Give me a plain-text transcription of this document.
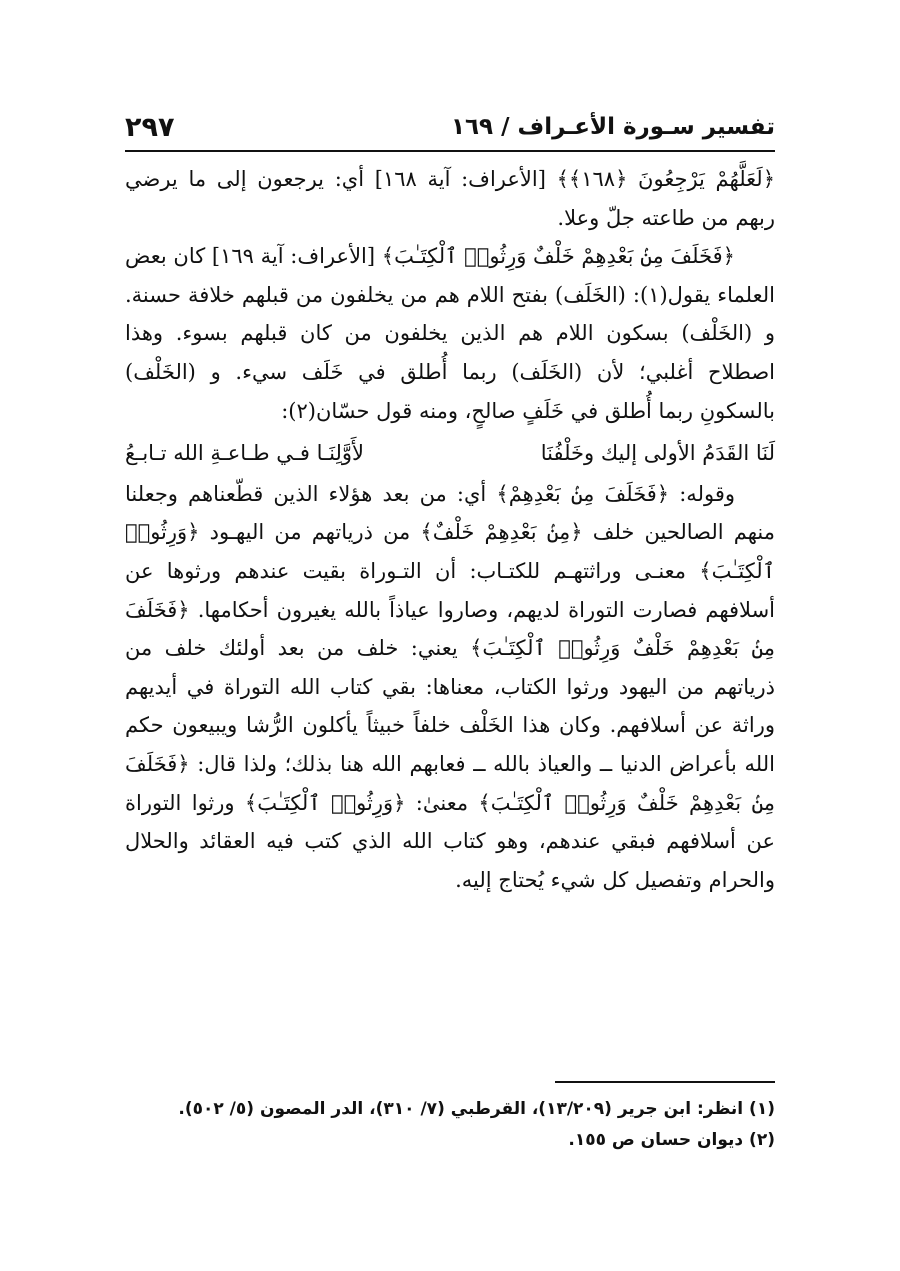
تفسير سـورة الأعـراف / ١٦٩
٢٩٧

﴿لَعَلَّهُمْ يَرْجِعُونَ ﴿١٦٨﴾﴾ [الأعراف: آية ١٦٨] أي: يرجعون إلى ما يرضي ربهم من طاعته جلّ وعلا.

﴿فَخَلَفَ مِنۢ بَعْدِهِمْ خَلْفٌ وَرِثُوا۟ ٱلْكِتَـٰبَ﴾ [الأعراف: آية ١٦٩] كان بعض العلماء يقول(١): (الخَلَف) بفتح اللام هم من يخلفون من قبلهم خلافة حسنة. و (الخَلْف) بسكون اللام هم الذين يخلفون من كان قبلهم بسوء. وهذا اصطلاح أغلبي؛ لأن (الخَلَف) ربما أُطلق في خَلَف سيء. و (الخَلْف) بالسكونِ ربما أُطلق في خَلَفٍ صالحٍ، ومنه قول حسّان(٢):

لَنَا القَدَمُ الأولى إليك وخَلْفُنَا
لأَوَّلِنَـا فـي طـاعـةِ الله تـابـعُ

وقوله: ﴿فَخَلَفَ مِنۢ بَعْدِهِمْ﴾ أي: من بعد هؤلاء الذين قطّعناهم وجعلنا منهم الصالحين خلف ﴿مِنۢ بَعْدِهِمْ خَلْفٌ﴾ من ذرياتهم من اليهـود ﴿وَرِثُوا۟ ٱلْكِتَـٰبَ﴾ معنـى وراثتهـم للكتـاب: أن التـوراة بقيت عندهم ورثوها عن أسلافهم فصارت التوراة لديهم، وصاروا عياذاً بالله يغيرون أحكامها. ﴿فَخَلَفَ مِنۢ بَعْدِهِمْ خَلْفٌ وَرِثُوا۟ ٱلْكِتَـٰبَ﴾ يعني: خلف من بعد أولئك خلف من ذرياتهم من اليهود ورثوا الكتاب، معناها: بقي كتاب الله التوراة في أيديهم وراثة عن أسلافهم. وكان هذا الخَلْف خلفاً خبيثاً يأكلون الرُّشا ويبيعون حكم الله بأعراض الدنيا ــ والعياذ بالله ــ فعابهم الله هنا بذلك؛ ولذا قال: ﴿فَخَلَفَ مِنۢ بَعْدِهِمْ خَلْفٌ وَرِثُوا۟ ٱلْكِتَـٰبَ﴾ معنىٰ: ﴿وَرِثُوا۟ ٱلْكِتَـٰبَ﴾ ورثوا التوراة عن أسلافهم فبقي عندهم، وهو كتاب الله الذي كتب فيه العقائد والحلال والحرام وتفصيل كل شيء يُحتاج إليه.

(١) انظر: ابن جرير (١٣/٢٠٩)، القرطبي (٧/ ٣١٠)، الدر المصون (٥/ ٥٠٢).

(٢) ديوان حسان ص ١٥٥.
